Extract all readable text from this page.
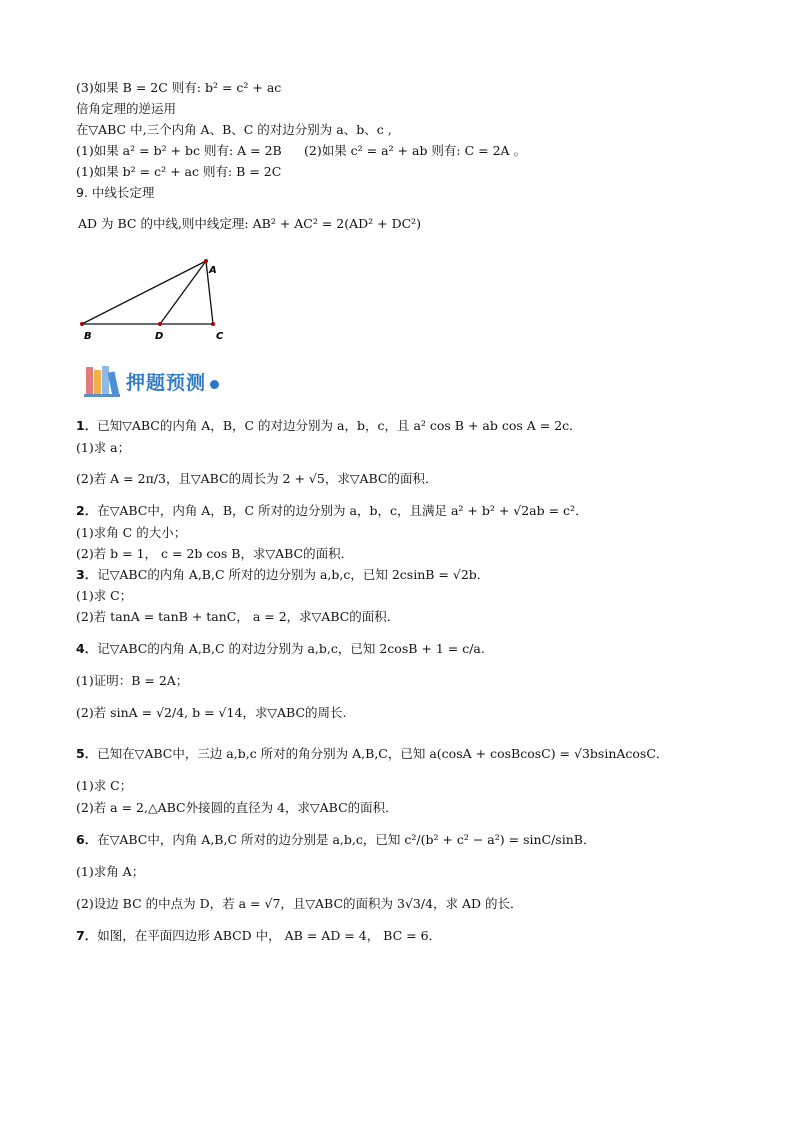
(3)如果 B = 2C 则有: b² = c² + ac
倍角定理的逆运用
在▽ABC 中,三个内角 A、B、C 的对边分别为 a、b、c ,
(1)如果 a² = b² + bc 则有: A = 2B (2)如果 c² = a² + ab 则有: C = 2A 。
(1)如果 b² = c² + ac 则有: B = 2C
9. 中线长定理
AD 为 BC 的中线,则中线定理: AB² + AC² = 2(AD² + DC²)
A
B	D	C
押题预测
1．已知▽ABC的内角 A，B，C 的对边分别为 a，b，c，且 a² cos B + ab cos A = 2c．
(1)求 a；
(2)若 A = 2π/3，且▽ABC的周长为 2 + √5，求▽ABC的面积．
2．在▽ABC中，内角 A，B，C 所对的边分别为 a，b，c，且满足 a² + b² + √2ab = c²．
(1)求角 C 的大小；
(2)若 b = 1， c = 2b cos B，求▽ABC的面积．
3．记▽ABC的内角 A,B,C 所对的边分别为 a,b,c，已知 2csinB = √2b．
(1)求 C；
(2)若 tanA = tanB + tanC， a = 2，求▽ABC的面积．
4．记▽ABC的内角 A,B,C 的对边分别为 a,b,c，已知 2cosB + 1 = c/a.
(1)证明：B = 2A；
(2)若 sinA = √2/4, b = √14，求▽ABC的周长.
5．已知在▽ABC中，三边 a,b,c 所对的角分别为 A,B,C，已知 a(cosA + cosBcosC) = √3bsinAcosC．
(1)求 C；
(2)若 a = 2,△ABC外接圆的直径为 4，求▽ABC的面积．
6．在▽ABC中，内角 A,B,C 所对的边分别是 a,b,c，已知 c²/(b² + c² − a²) = sinC/sinB．
(1)求角 A；
(2)设边 BC 的中点为 D，若 a = √7，且▽ABC的面积为 3√3/4，求 AD 的长．
7．如图，在平面四边形 ABCD 中， AB = AD = 4， BC = 6．
